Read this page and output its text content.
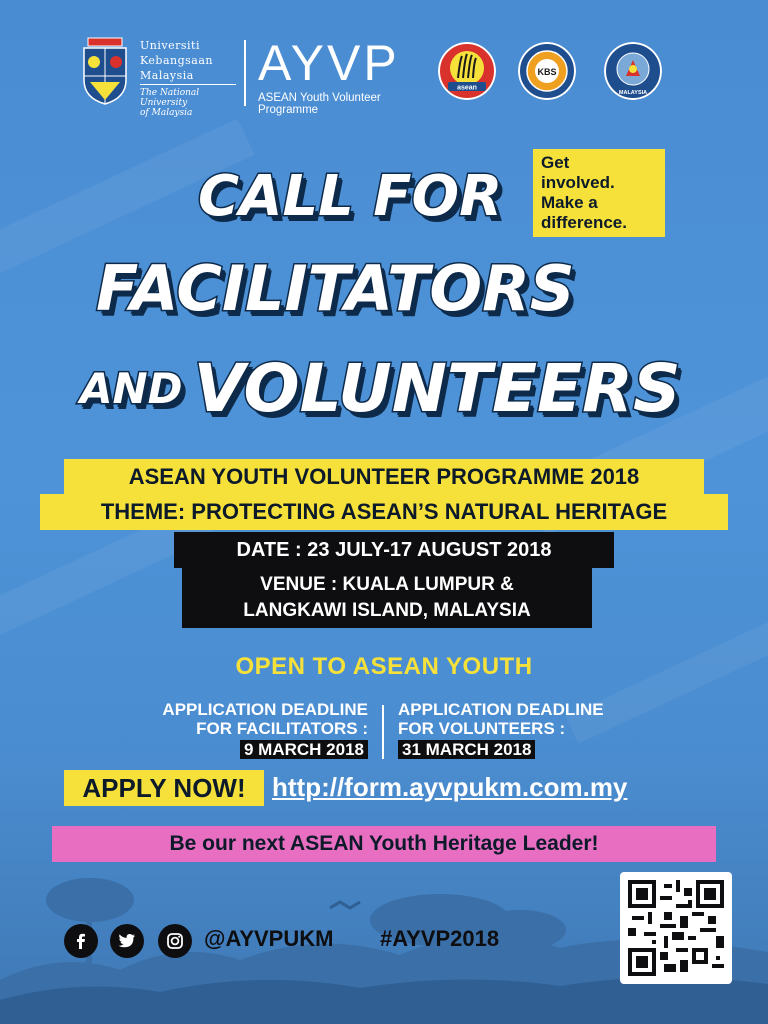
Universiti
Kebangsaan
Malaysia
The National University
of Malaysia
AYVP
ASEAN Youth Volunteer Programme
asean
KBS
MALAYSIA
CALL FOR
Get
involved.
Make a
difference.
FACILITATORS
AND VOLUNTEERS
ASEAN YOUTH VOLUNTEER PROGRAMME 2018
THEME: PROTECTING ASEAN’S NATURAL HERITAGE
DATE : 23 JULY-17 AUGUST 2018
VENUE : KUALA LUMPUR &
LANGKAWI ISLAND, MALAYSIA
OPEN TO ASEAN YOUTH
APPLICATION DEADLINE
FOR FACILITATORS :
9 MARCH 2018
APPLICATION DEADLINE
FOR VOLUNTEERS :
31 MARCH 2018
APPLY NOW!	http://form.ayvpukm.com.my
Be our next ASEAN Youth Heritage Leader!
@AYVPUKM #AYVP2018
